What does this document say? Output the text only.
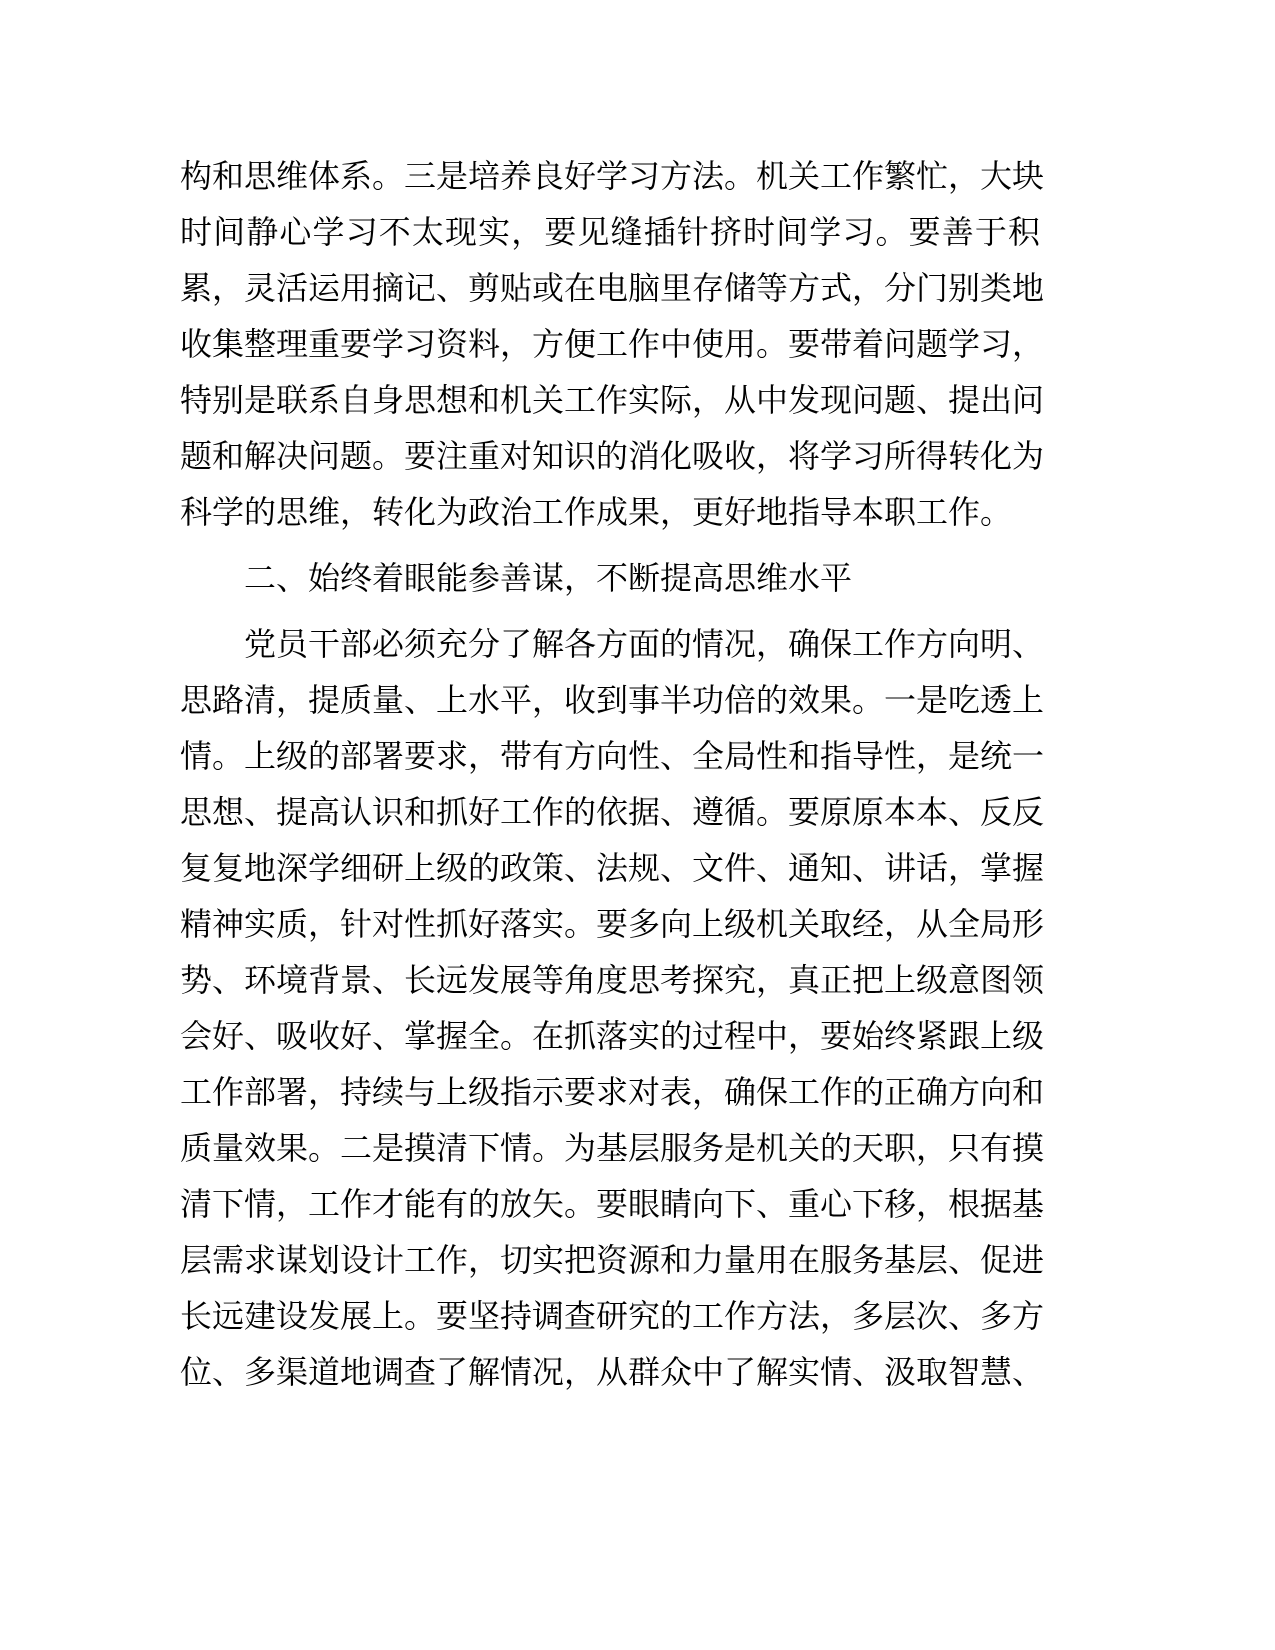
构和思维体系。三是培养良好学习方法。机关工作繁忙，大块
时间静心学习不太现实，要见缝插针挤时间学习。要善于积
累，灵活运用摘记、剪贴或在电脑里存储等方式，分门别类地
收集整理重要学习资料，方便工作中使用。要带着问题学习，
特别是联系自身思想和机关工作实际，从中发现问题、提出问
题和解决问题。要注重对知识的消化吸收，将学习所得转化为
科学的思维，转化为政治工作成果，更好地指导本职工作。
二、始终着眼能参善谋，不断提高思维水平
党员干部必须充分了解各方面的情况，确保工作方向明、
思路清，提质量、上水平，收到事半功倍的效果。一是吃透上
情。上级的部署要求，带有方向性、全局性和指导性，是统一
思想、提高认识和抓好工作的依据、遵循。要原原本本、反反
复复地深学细研上级的政策、法规、文件、通知、讲话，掌握
精神实质，针对性抓好落实。要多向上级机关取经，从全局形
势、环境背景、长远发展等角度思考探究，真正把上级意图领
会好、吸收好、掌握全。在抓落实的过程中，要始终紧跟上级
工作部署，持续与上级指示要求对表，确保工作的正确方向和
质量效果。二是摸清下情。为基层服务是机关的天职，只有摸
清下情，工作才能有的放矢。要眼睛向下、重心下移，根据基
层需求谋划设计工作，切实把资源和力量用在服务基层、促进
长远建设发展上。要坚持调查研究的工作方法，多层次、多方
位、多渠道地调查了解情况，从群众中了解实情、汲取智慧、
